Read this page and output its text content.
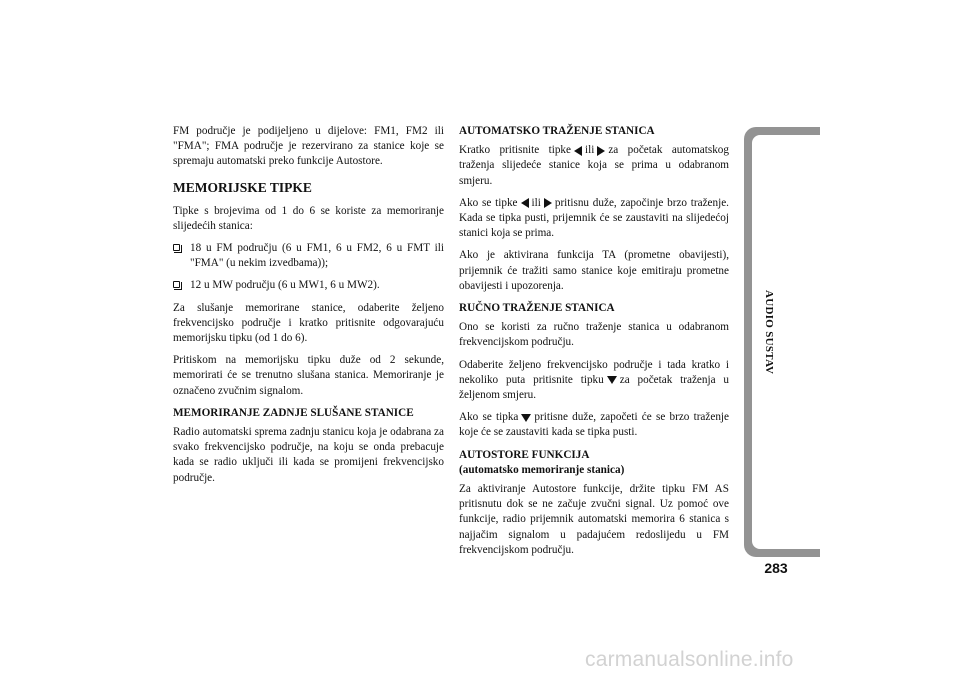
FM područje je podijeljeno u dijelove: FM1, FM2 ili "FMA"; FMA područje je rezervirano za stanice koje se spremaju automatski preko funkcije Autostore.

MEMORIJSKE TIPKE

Tipke s brojevima od 1 do 6 se koriste za memoriranje slijedećih stanica:

18 u FM području (6 u FM1, 6 u FM2, 6 u FMT ili "FMA" (u nekim izvedbama));
12 u MW području (6 u MW1, 6 u MW2).

Za slušanje memorirane stanice, odaberite željeno frekvencijsko područje i kratko pritisnite odgovarajuću memorijsku tipku (od 1 do 6).

Pritiskom na memorijsku tipku duže od 2 sekunde, memorirati će se trenutno slušana stanica. Memoriranje je označeno zvučnim signalom.

MEMORIRANJE ZADNJE SLUŠANE STANICE

Radio automatski sprema zadnju stanicu koja je odabrana za svako frekvencijsko područje, na koju se onda prebacuje kada se radio uključi ili kada se promijeni frekvencijsko područje.

AUTOMATSKO TRAŽENJE STANICA

Kratko pritisnite tipke ili za početak automatskog traženja slijedeće stanice koja se prima u odabranom smjeru.

Ako se tipke ili pritisnu duže, započinje brzo traženje. Kada se tipka pusti, prijemnik će se zaustaviti na slijedećoj stanici koja se prima.

Ako je aktivirana funkcija TA (prometne obavijesti), prijemnik će tražiti samo stanice koje emitiraju prometne obavijesti i upozorenja.

RUČNO TRAŽENJE STANICA

Ono se koristi za ručno traženje stanica u odabranom frekvencijskom području.

Odaberite željeno frekvencijsko područje i tada kratko i nekoliko puta pritisnite tipku za početak traženja u željenom smjeru.

Ako se tipka pritisne duže, započeti će se brzo traženje koje će se zaustaviti kada se tipka pusti.

AUTOSTORE FUNKCIJA
(automatsko memoriranje stanica)

Za aktiviranje Autostore funkcije, držite tipku FM AS pritisnutu dok se ne začuje zvučni signal. Uz pomoć ove funkcije, radio prijemnik automatski memorira 6 stanica s najjačim signalom u padajućem redoslijedu u FM frekvencijskom području.

AUDIO SUSTAV
283
carmanualsonline.info
